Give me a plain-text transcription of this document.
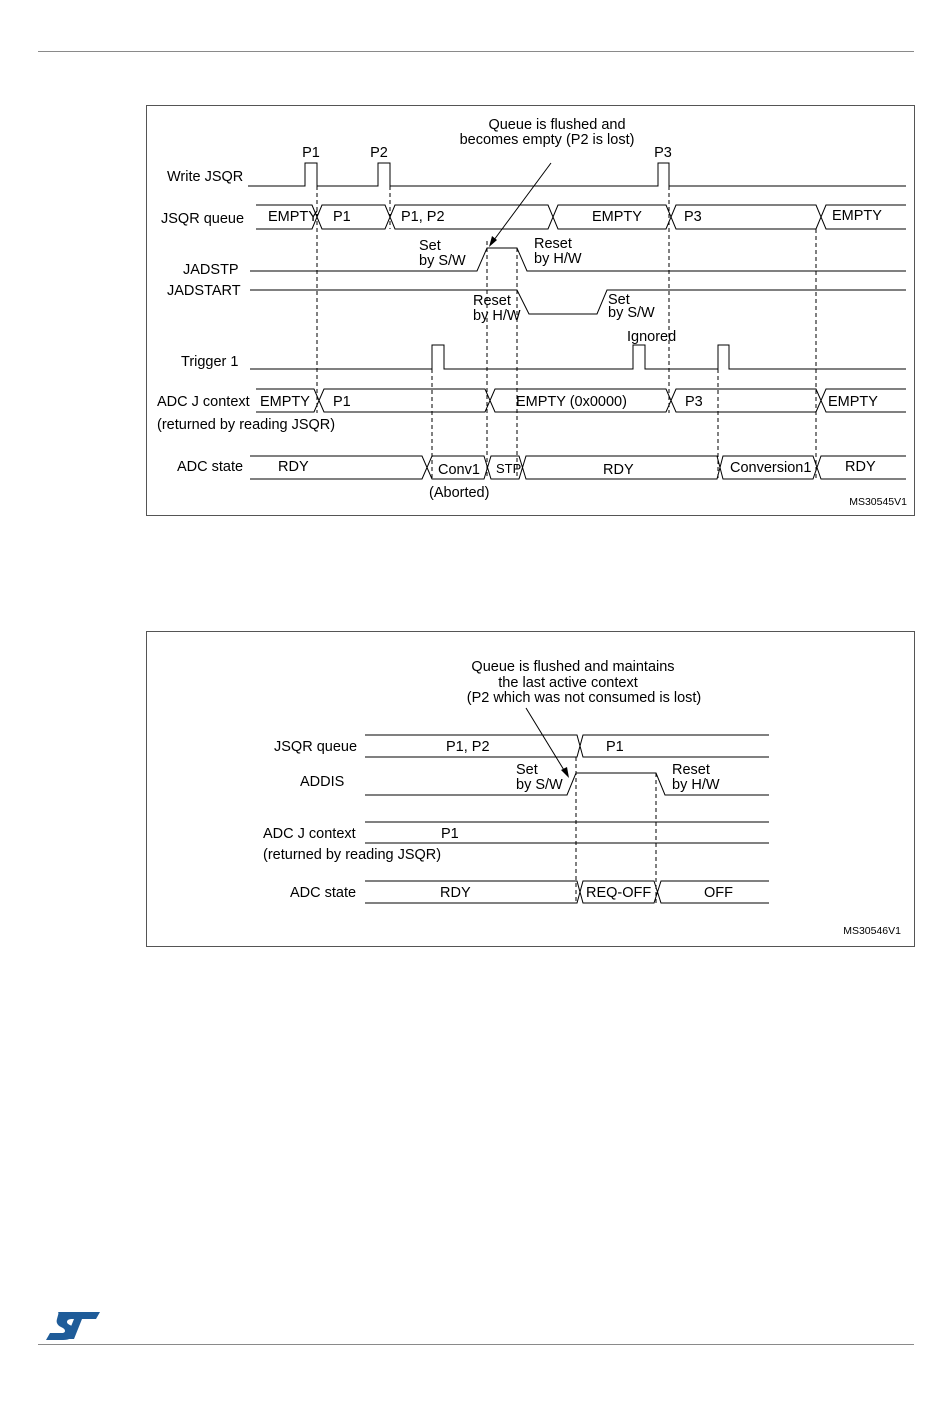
Queue is flushed and
becomes empty (P2 is lost)
Write JSQR
JSQR queue
JADSTP
JADSTART
Trigger 1
ADC J context
(returned by reading JSQR)
ADC state
P1	P2	P3
EMPTY P1	P1, P2	EMPTY	P3	EMPTY
Set
by S/W
Reset
by H/W
Reset
by H/W
Set
by S/W
Ignored
EMPTY P1	EMPTY (0x0000)	P3	EMPTY
RDY	Conv1 STP	RDY	Conversion1 RDY
(Aborted)
MS30545V1
Queue is flushed and maintains
the last active context
(P2 which was not consumed is lost)
JSQR queue
ADDIS
ADC J context
(returned by reading JSQR)
ADC state
P1, P2	P1
Set
by S/W
Reset
by H/W
P1
RDY	REQ-OFF	OFF
MS30546V1
